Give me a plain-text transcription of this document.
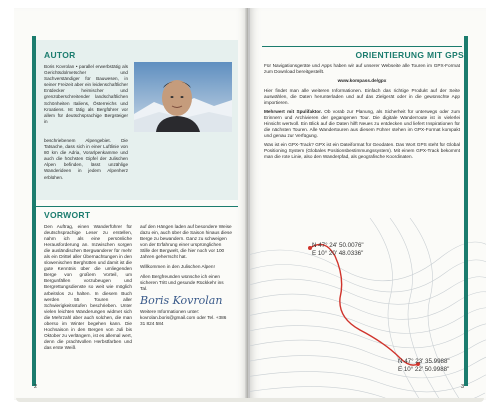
AUTOR
Boris Kovrolan • parallel erwerbstätig als Gerichtsdolmetscher und Sachverständiger für Bauwesen, in seiner Freizeit aber ein leidenschaftlicher Entdecker heimischer und grenzüberschreitender landschaftlichen Schönheiten Italiens, Österreichs und Kroatiens. Ist tätig als Bergführer vor allem für deutschsprachige Bergsteiger in
beschriebenem Alpengebiet. Die Tatsache, dass sich in einer Luftlinie von 80 km die Adria, Vorarlpenkamme und auch die höchsten Gipfel der Julischen Alpen befinden, lässt unzählige Wanderideen in jedem Alpenherz erblühen.
VORWORT
Den Auftrag, einen Wanderführer für deutschsprachige Leser zu erstellen, nahm ich als eine persönliche Herausforderung an. Inzwischen sorgen die ausländischen Bergwanderer für mehr als ein Drittel aller Übernachtungen in den slowenischen Berghütten und damit ist die gute Kenntnis über die umliegenden Berge von großem Vorteil, um Bergunfällen vorzubeugen und Bergrettungsdienste so weit wie möglich arbeitslos zu halten. In diesem Buch werden 55 Touren aller Schwierigkeitsstufen beschrieben. Unter vielen leichten Wanderungen widmet sich die Mehrzahl aber auch solchen, die man oberso im Winter begehen kann. Die Hochsaison in den Bergen von Juli bis Oktober zu verlängern, ist es allemal wert, denn die prachtvollen Herbstfarben und das erste Weiß
auf den Hängen laden auf besondere Weise dazu ein, auch über die Saison hinaus diese Berge zu bewandern. Ganz zu schweigen von der Erfahrung einer ursprünglichen Stille der Bergwelt, die hier noch vor 100 Jahren geherrscht hat.
Willkommen in den Julischen Alpen!
Allen Bergfreunden wünsche ich einen sicheren Tritt und gesunde Rückkehr ins Tal.
Boris Kovrolan
Weitere Informationen unter: kovrolan.boris@gmail.com oder Tel. +386 31 824 584
2
ORIENTIERUNG MIT GPS

Für Navigationsgeräte und Apps haben wir auf unserer Webseite alle Touren im GPX-Format zum Download bereitgestellt.

www.kompass.de/gpx

Hier findet man alle weiteren Informationen. Einfach das richtige Produkt auf der Seite auswählen, die Daten herunterladen und auf das Zielgerät oder in die gewünschte App importieren.

Mehrwert mit Spulifaktor. Ob vorab zur Planung, als Sicherheit für unterwegs oder zum Erinnern und Archivieren der gegangenen Tour. Die digitale Wanderroute ist in vielerlei Hinsicht wertvoll. Ein Blick auf die Daten hilft Neues zu entdecken und liefert Inspirationen für die nächsten Touren. Alle Wandertouren aus diesem Führer stehen im GPX-Format kompakt und genau zur Verfügung.

Was ist ein GPX-Track? GPX ist ein Dateiformat für Geodaten. Das Wort GPS steht für Global Positioning System (Globales Positionsbestimmungssystem). Mit einem GPX-Track bekommt man die rote Linie, also den Wanderpfad, als geografische Koordinaten.

N 47° 24' 50.0076"
E 10° 20' 48.0336"
N 47° 23' 35.9988"
E 10° 22' 50.9988"
3
